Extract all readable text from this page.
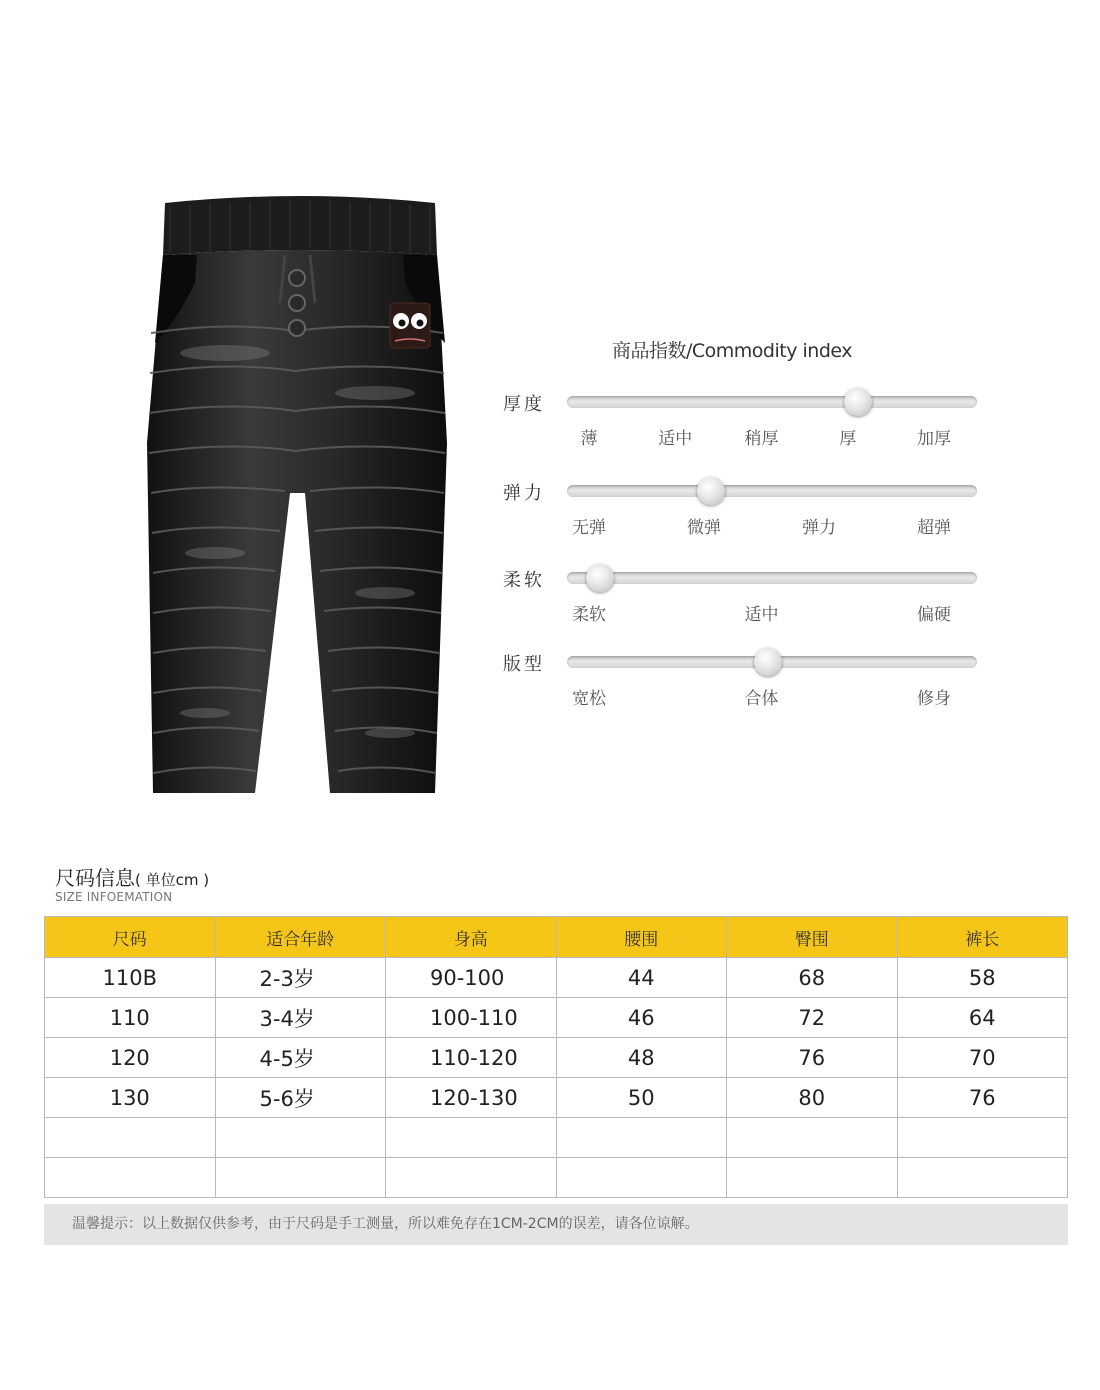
商品指数/Commodity index
厚度
薄	适中	稍厚	厚	加厚
弹力
无弹	微弹	弹力	超弹
柔软
柔软	适中	偏硬
版型
宽松	合体	修身
尺码信息( 单位cm )
SIZE INFOEMATION
尺码	适合年龄	身高	腰围	臀围	裤长
110B	2-3岁	90-100	44	68	58
110	3-4岁	100-110	46	72	64
120	4-5岁	110-120	48	76	70
130	5-6岁	120-130	50	80	76

温馨提示：以上数据仅供参考，由于尺码是手工测量，所以难免存在1CM-2CM的误差，请各位谅解。
